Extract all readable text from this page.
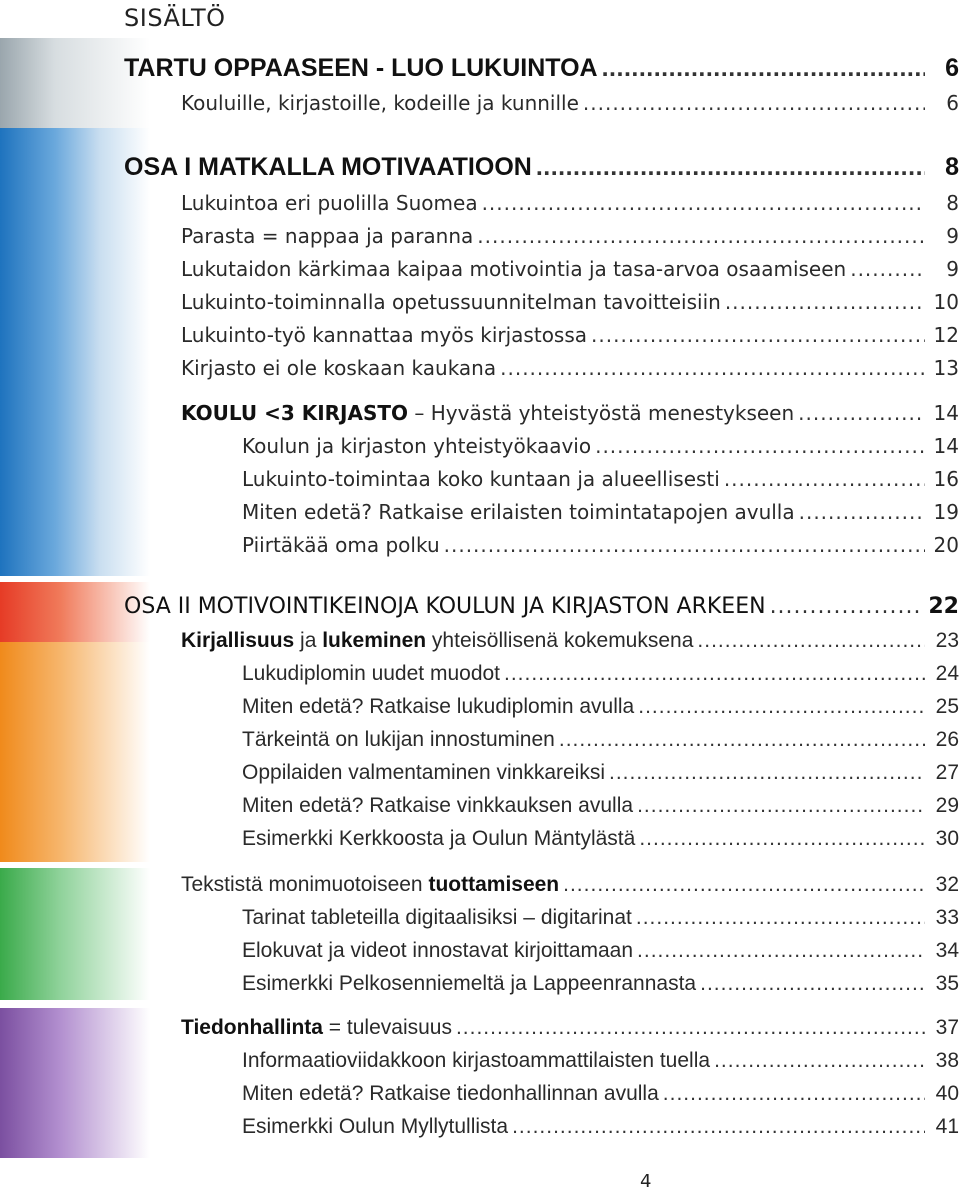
SISÄLTÖ
TARTU OPPAASEEN - LUO LUKUINTOA .....	6
Kouluille, kirjastoille, kodeille ja kunnille .....	6
OSA I MATKALLA MOTIVAATIOON .....	8
Lukuintoa eri puolilla Suomea .....	8
Parasta = nappaa ja paranna .....	9
Lukutaidon kärkimaa kaipaa motivointia ja tasa-arvoa osaamiseen .....	9
Lukuinto-toiminnalla opetussuunnitelman tavoitteisiin .....	10
Lukuinto-työ kannattaa myös kirjastossa .....	12
Kirjasto ei ole koskaan kaukana .....	13
KOULU <3 KIRJASTO – Hyvästä yhteistyöstä menestykseen .....	14
Koulun ja kirjaston yhteistyökaavio .....	14
Lukuinto-toimintaa koko kuntaan ja alueellisesti .....	16
Miten edetä? Ratkaise erilaisten toimintatapojen avulla .....	19
Piirtäkää oma polku .....	20
OSA II MOTIVOINTIKEINOJA KOULUN JA KIRJASTON ARKEEN .....	22
Kirjallisuus ja lukeminen yhteisöllisenä kokemuksena .....	23
Lukudiplomin uudet muodot .....	24
Miten edetä? Ratkaise lukudiplomin avulla .....	25
Tärkeintä on lukijan innostuminen .....	26
Oppilaiden valmentaminen vinkkareiksi .....	27
Miten edetä? Ratkaise vinkkauksen avulla .....	29
Esimerkki Kerkkoosta ja Oulun Mäntylästä .....	30
Tekstistä monimuotoiseen tuottamiseen .....	32
Tarinat tableteilla digitaalisiksi – digitarinat .....	33
Elokuvat ja videot innostavat kirjoittamaan .....	34
Esimerkki Pelkosenniemeltä ja Lappeenrannasta .....	35
Tiedonhallinta = tulevaisuus .....	37
Informaatioviidakkoon kirjastoammattilaisten tuella .....	38
Miten edetä? Ratkaise tiedonhallinnan avulla .....	40
Esimerkki Oulun Myllytullista .....	41
4
